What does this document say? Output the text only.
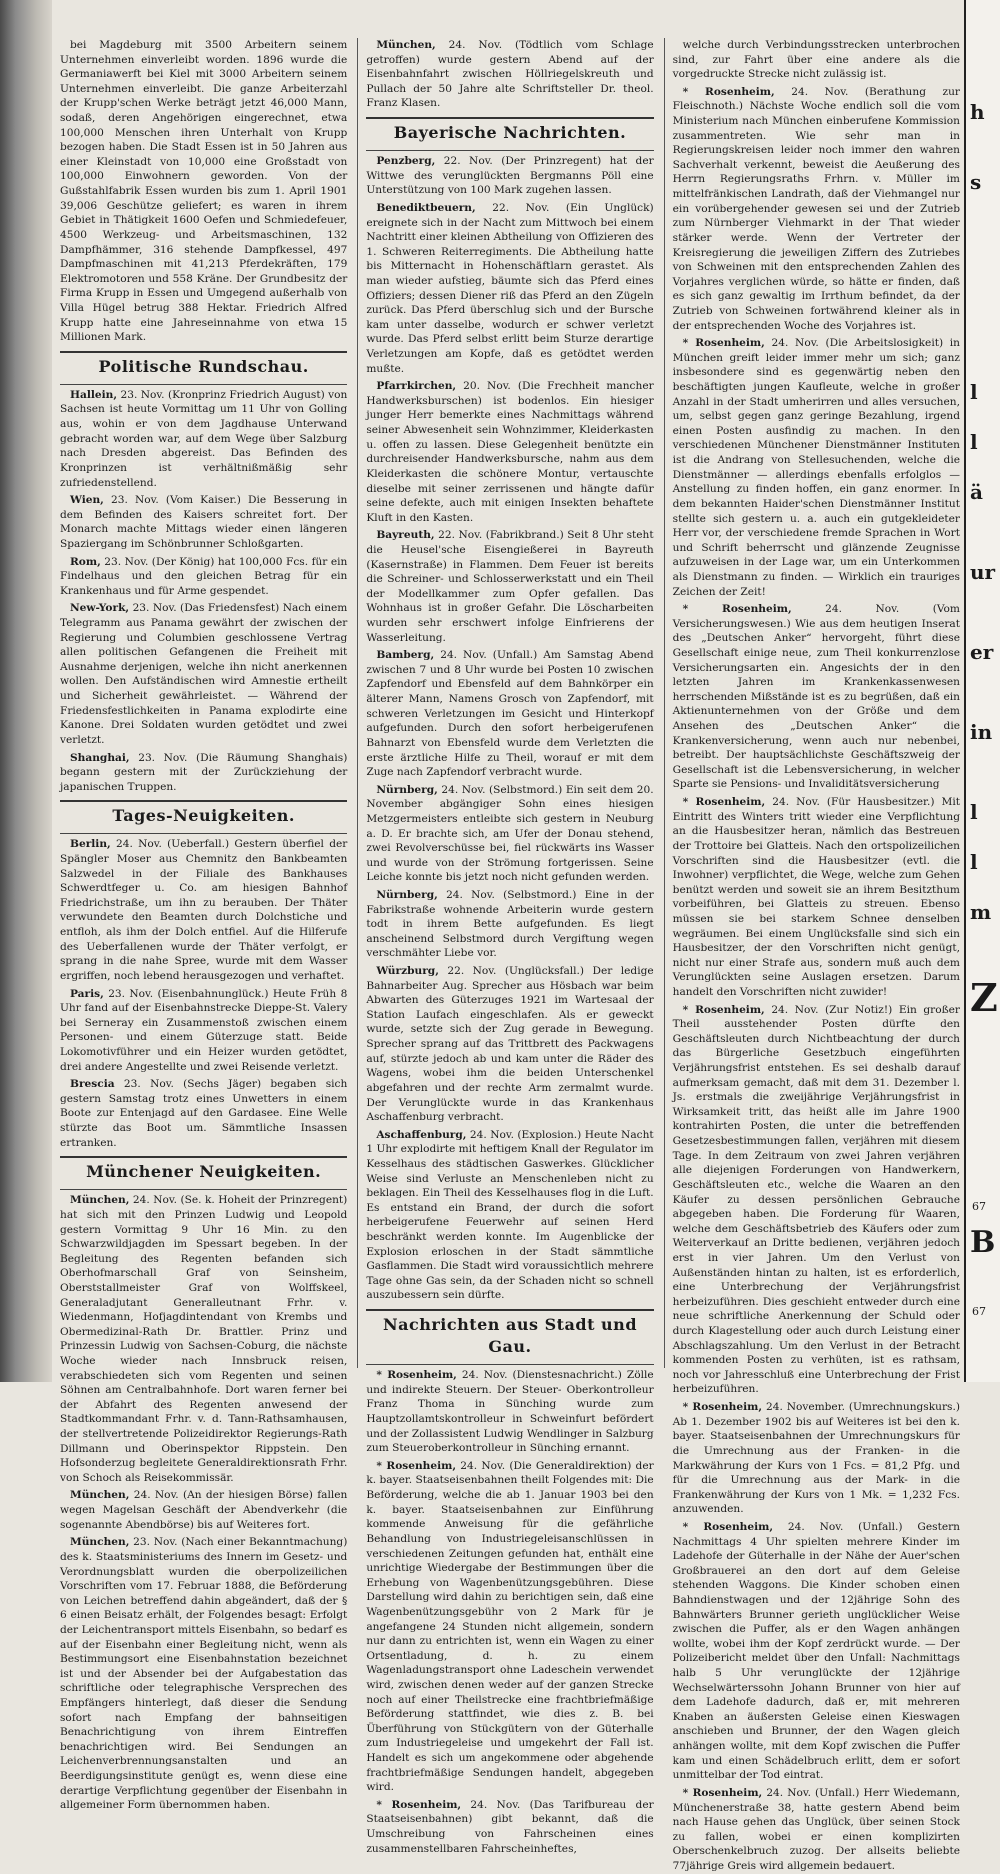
bei Magdeburg mit 3500 Arbeitern seinem Unternehmen einverleibt worden. 1896 wurde die Germaniawerft bei Kiel mit 3000 Arbeitern seinem Unternehmen einverleibt. Die ganze Arbeiterzahl der Krupp'schen Werke beträgt jetzt 46,000 Mann, sodaß, deren Angehörigen eingerechnet, etwa 100,000 Menschen ihren Unterhalt von Krupp bezogen haben. Die Stadt Essen ist in 50 Jahren aus einer Kleinstadt von 10,000 eine Großstadt von 100,000 Einwohnern geworden. Von der Gußstahlfabrik Essen wurden bis zum 1. April 1901 39,006 Geschütze geliefert; es waren in ihrem Gebiet in Thätigkeit 1600 Oefen und Schmiedefeuer, 4500 Werkzeug- und Arbeitsmaschinen, 132 Dampfhämmer, 316 stehende Dampfkessel, 497 Dampfmaschinen mit 41,213 Pferdekräften, 179 Elektromotoren und 558 Kräne. Der Grundbesitz der Firma Krupp in Essen und Umgegend außerhalb von Villa Hügel betrug 388 Hektar. Friedrich Alfred Krupp hatte eine Jahreseinnahme von etwa 15 Millionen Mark.

Politische Rundschau.

Hallein, 23. Nov. (Kronprinz Friedrich August) von Sachsen ist heute Vormittag um 11 Uhr von Golling aus, wohin er von dem Jagdhause Unterwand gebracht worden war, auf dem Wege über Salzburg nach Dresden abgereist. Das Befinden des Kronprinzen ist verhältnißmäßig sehr zufriedenstellend.

Wien, 23. Nov. (Vom Kaiser.) Die Besserung in dem Befinden des Kaisers schreitet fort. Der Monarch machte Mittags wieder einen längeren Spaziergang im Schönbrunner Schloßgarten.

Rom, 23. Nov. (Der König) hat 100,000 Fcs. für ein Findelhaus und den gleichen Betrag für ein Krankenhaus und für Arme gespendet.

New-York, 23. Nov. (Das Friedensfest) Nach einem Telegramm aus Panama gewährt der zwischen der Regierung und Columbien geschlossene Vertrag allen politischen Gefangenen die Freiheit mit Ausnahme derjenigen, welche ihn nicht anerkennen wollen. Den Aufständischen wird Amnestie ertheilt und Sicherheit gewährleistet. — Während der Friedensfestlichkeiten in Panama explodirte eine Kanone. Drei Soldaten wurden getödtet und zwei verletzt.

Shanghai, 23. Nov. (Die Räumung Shanghais) begann gestern mit der Zurückziehung der japanischen Truppen.

Tages-Neuigkeiten.

Berlin, 24. Nov. (Ueberfall.) Gestern überfiel der Spängler Moser aus Chemnitz den Bankbeamten Salzwedel in der Filiale des Bankhauses Schwerdtfeger u. Co. am hiesigen Bahnhof Friedrichstraße, um ihn zu berauben. Der Thäter verwundete den Beamten durch Dolchstiche und entfloh, als ihm der Dolch entfiel. Auf die Hilferufe des Ueberfallenen wurde der Thäter verfolgt, er sprang in die nahe Spree, wurde mit dem Wasser ergriffen, noch lebend herausgezogen und verhaftet.

Paris, 23. Nov. (Eisenbahnunglück.) Heute Früh 8 Uhr fand auf der Eisenbahnstrecke Dieppe-St. Valery bei Serneray ein Zusammenstoß zwischen einem Personen- und einem Güterzuge statt. Beide Lokomotivführer und ein Heizer wurden getödtet, drei andere Angestellte und zwei Reisende verletzt.

Brescia 23. Nov. (Sechs Jäger) begaben sich gestern Samstag trotz eines Unwetters in einem Boote zur Entenjagd auf den Gardasee. Eine Welle stürzte das Boot um. Sämmtliche Insassen ertranken.

Münchener Neuigkeiten.

München, 24. Nov. (Se. k. Hoheit der Prinzregent) hat sich mit den Prinzen Ludwig und Leopold gestern Vormittag 9 Uhr 16 Min. zu den Schwarzwildjagden im Spessart begeben. In der Begleitung des Regenten befanden sich Oberhofmarschall Graf von Seinsheim, Oberststallmeister Graf von Wolffskeel, Generaladjutant Generalleutnant Frhr. v. Wiedenmann, Hofjagdintendant von Krembs und Obermedizinal-Rath Dr. Brattler. Prinz und Prinzessin Ludwig von Sachsen-Coburg, die nächste Woche wieder nach Innsbruck reisen, verabschiedeten sich vom Regenten und seinen Söhnen am Centralbahnhofe. Dort waren ferner bei der Abfahrt des Regenten anwesend der Stadtkommandant Frhr. v. d. Tann-Rathsamhausen, der stellvertretende Polizeidirektor Regierungs-Rath Dillmann und Oberinspektor Rippstein. Den Hofsonderzug begleitete Generaldirektionsrath Frhr. von Schoch als Reisekommissär.

München, 24. Nov. (An der hiesigen Börse) fallen wegen Magelsan Geschäft der Abendverkehr (die sogenannte Abendbörse) bis auf Weiteres fort.

München, 23. Nov. (Nach einer Bekanntmachung) des k. Staatsministeriums des Innern im Gesetz- und Verordnungsblatt wurden die oberpolizeilichen Vorschriften vom 17. Februar 1888, die Beförderung von Leichen betreffend dahin abgeändert, daß der § 6 einen Beisatz erhält, der Folgendes besagt: Erfolgt der Leichentransport mittels Eisenbahn, so bedarf es auf der Eisenbahn einer Begleitung nicht, wenn als Bestimmungsort eine Eisenbahnstation bezeichnet ist und der Absender bei der Aufgabestation das schriftliche oder telegraphische Versprechen des Empfängers hinterlegt, daß dieser die Sendung sofort nach Empfang der bahnseitigen Benachrichtigung von ihrem Eintreffen benachrichtigen wird. Bei Sendungen an Leichenverbrennungsanstalten und an Beerdigungsinstitute genügt es, wenn diese eine derartige Verpflichtung gegenüber der Eisenbahn in allgemeiner Form übernommen haben.

München, 24. Nov. (Tödtlich vom Schlage getroffen) wurde gestern Abend auf der Eisenbahnfahrt zwischen Höllriegelskreuth und Pullach der 50 Jahre alte Schriftsteller Dr. theol. Franz Klasen.

Bayerische Nachrichten.

Penzberg, 22. Nov. (Der Prinzregent) hat der Wittwe des verunglückten Bergmanns Pöll eine Unterstützung von 100 Mark zugehen lassen.

Benediktbeuern, 22. Nov. (Ein Unglück) ereignete sich in der Nacht zum Mittwoch bei einem Nachtritt einer kleinen Abtheilung von Offizieren des 1. Schweren Reiterregiments. Die Abtheilung hatte bis Mitternacht in Hohenschäftlarn gerastet. Als man wieder aufstieg, bäumte sich das Pferd eines Offiziers; dessen Diener riß das Pferd an den Zügeln zurück. Das Pferd überschlug sich und der Bursche kam unter dasselbe, wodurch er schwer verletzt wurde. Das Pferd selbst erlitt beim Sturze derartige Verletzungen am Kopfe, daß es getödtet werden mußte.

Pfarrkirchen, 20. Nov. (Die Frechheit mancher Handwerksburschen) ist bodenlos. Ein hiesiger junger Herr bemerkte eines Nachmittags während seiner Abwesenheit sein Wohnzimmer, Kleiderkasten u. offen zu lassen. Diese Gelegenheit benützte ein durchreisender Handwerksbursche, nahm aus dem Kleiderkasten die schönere Montur, vertauschte dieselbe mit seiner zerrissenen und hängte dafür seine defekte, auch mit einigen Insekten behaftete Kluft in den Kasten.

Bayreuth, 22. Nov. (Fabrikbrand.) Seit 8 Uhr steht die Heusel'sche Eisengießerei in Bayreuth (Kasernstraße) in Flammen. Dem Feuer ist bereits die Schreiner- und Schlosserwerkstatt und ein Theil der Modellkammer zum Opfer gefallen. Das Wohnhaus ist in großer Gefahr. Die Löscharbeiten wurden sehr erschwert infolge Einfrierens der Wasserleitung.

Bamberg, 24. Nov. (Unfall.) Am Samstag Abend zwischen 7 und 8 Uhr wurde bei Posten 10 zwischen Zapfendorf und Ebensfeld auf dem Bahnkörper ein älterer Mann, Namens Grosch von Zapfendorf, mit schweren Verletzungen im Gesicht und Hinterkopf aufgefunden. Durch den sofort herbeigerufenen Bahnarzt von Ebensfeld wurde dem Verletzten die erste ärztliche Hilfe zu Theil, worauf er mit dem Zuge nach Zapfendorf verbracht wurde.

Nürnberg, 24. Nov. (Selbstmord.) Ein seit dem 20. November abgängiger Sohn eines hiesigen Metzgermeisters entleibte sich gestern in Neuburg a. D. Er brachte sich, am Ufer der Donau stehend, zwei Revolverschüsse bei, fiel rückwärts ins Wasser und wurde von der Strömung fortgerissen. Seine Leiche konnte bis jetzt noch nicht gefunden werden.

Nürnberg, 24. Nov. (Selbstmord.) Eine in der Fabrikstraße wohnende Arbeiterin wurde gestern todt in ihrem Bette aufgefunden. Es liegt anscheinend Selbstmord durch Vergiftung wegen verschmähter Liebe vor.

Würzburg, 22. Nov. (Unglücksfall.) Der ledige Bahnarbeiter Aug. Sprecher aus Hösbach war beim Abwarten des Güterzuges 1921 im Wartesaal der Station Laufach eingeschlafen. Als er geweckt wurde, setzte sich der Zug gerade in Bewegung. Sprecher sprang auf das Trittbrett des Packwagens auf, stürzte jedoch ab und kam unter die Räder des Wagens, wobei ihm die beiden Unterschenkel abgefahren und der rechte Arm zermalmt wurde. Der Verunglückte wurde in das Krankenhaus Aschaffenburg verbracht.

Aschaffenburg, 24. Nov. (Explosion.) Heute Nacht 1 Uhr explodirte mit heftigem Knall der Regulator im Kesselhaus des städtischen Gaswerkes. Glücklicher Weise sind Verluste an Menschenleben nicht zu beklagen. Ein Theil des Kesselhauses flog in die Luft. Es entstand ein Brand, der durch die sofort herbeigerufene Feuerwehr auf seinen Herd beschränkt werden konnte. Im Augenblicke der Explosion erloschen in der Stadt sämmtliche Gasflammen. Die Stadt wird voraussichtlich mehrere Tage ohne Gas sein, da der Schaden nicht so schnell auszubessern sein dürfte.

Nachrichten aus Stadt und Gau.

* Rosenheim, 24. Nov. (Dienstesnachricht.) Zölle und indirekte Steuern. Der Steuer- Oberkontrolleur Franz Thoma in Sünching wurde zum Hauptzollamtskontrolleur in Schweinfurt befördert und der Zollassistent Ludwig Wendlinger in Salzburg zum Steueroberkontrolleur in Sünching ernannt.

* Rosenheim, 24. Nov. (Die Generaldirektion) der k. bayer. Staatseisenbahnen theilt Folgendes mit: Die Beförderung, welche die ab 1. Januar 1903 bei den k. bayer. Staatseisenbahnen zur Einführung kommende Anweisung für die gefährliche Behandlung von Industriegeleisanschlüssen in verschiedenen Zeitungen gefunden hat, enthält eine unrichtige Wiedergabe der Bestimmungen über die Erhebung von Wagenbenützungsgebühren. Diese Darstellung wird dahin zu berichtigen sein, daß eine Wagenbenützungsgebühr von 2 Mark für je angefangene 24 Stunden nicht allgemein, sondern nur dann zu entrichten ist, wenn ein Wagen zu einer Ortsentladung, d. h. zu einem Wagenladungstransport ohne Ladeschein verwendet wird, zwischen denen weder auf der ganzen Strecke noch auf einer Theilstrecke eine frachtbriefmäßige Beförderung stattfindet, wie dies z. B. bei Überführung von Stückgütern von der Güterhalle zum Industriegeleise und umgekehrt der Fall ist. Handelt es sich um angekommene oder abgehende frachtbriefmäßige Sendungen handelt, abgegeben wird.

* Rosenheim, 24. Nov. (Das Tarifbureau der Staatseisenbahnen) gibt bekannt, daß die Umschreibung von Fahrscheinen eines zusammenstellbaren Fahrscheinheftes,

welche durch Verbindungsstrecken unterbrochen sind, zur Fahrt über eine andere als die vorgedruckte Strecke nicht zulässig ist.

* Rosenheim, 24. Nov. (Berathung zur Fleischnoth.) Nächste Woche endlich soll die vom Ministerium nach München einberufene Kommission zusammentreten. Wie sehr man in Regierungskreisen leider noch immer den wahren Sachverhalt verkennt, beweist die Aeußerung des Herrn Regierungsraths Frhrn. v. Müller im mittelfränkischen Landrath, daß der Viehmangel nur ein vorübergehender gewesen sei und der Zutrieb zum Nürnberger Viehmarkt in der That wieder stärker werde. Wenn der Vertreter der Kreisregierung die jeweiligen Ziffern des Zutriebes von Schweinen mit den entsprechenden Zahlen des Vorjahres verglichen würde, so hätte er finden, daß es sich ganz gewaltig im Irrthum befindet, da der Zutrieb von Schweinen fortwährend kleiner als in der entsprechenden Woche des Vorjahres ist.

* Rosenheim, 24. Nov. (Die Arbeitslosigkeit) in München greift leider immer mehr um sich; ganz insbesondere sind es gegenwärtig neben den beschäftigten jungen Kaufleute, welche in großer Anzahl in der Stadt umherirren und alles versuchen, um, selbst gegen ganz geringe Bezahlung, irgend einen Posten ausfindig zu machen. In den verschiedenen Münchener Dienstmänner Instituten ist die Andrang von Stellesuchenden, welche die Dienstmänner — allerdings ebenfalls erfolglos — Anstellung zu finden hoffen, ein ganz enormer. In dem bekannten Haider'schen Dienstmänner Institut stellte sich gestern u. a. auch ein gutgekleideter Herr vor, der verschiedene fremde Sprachen in Wort und Schrift beherrscht und glänzende Zeugnisse aufzuweisen in der Lage war, um ein Unterkommen als Dienstmann zu finden. — Wirklich ein trauriges Zeichen der Zeit!

* Rosenheim,	24. Nov. (Vom Versicherungswesen.) Wie aus dem heutigen Inserat des „Deutschen Anker“ hervorgeht, führt diese Gesellschaft einige neue, zum Theil konkurrenzlose Versicherungsarten ein. Angesichts der in den letzten Jahren im Krankenkassenwesen herrschenden Mißstände ist es zu begrüßen, daß ein Aktienunternehmen von der Größe und dem Ansehen des „Deutschen Anker“ die Krankenversicherung, wenn auch nur nebenbei, betreibt. Der hauptsächlichste Geschäftszweig der Gesellschaft ist die Lebensversicherung, in welcher Sparte sie Pensions- und Invaliditätsversicherung

* Rosenheim, 24. Nov. (Für Hausbesitzer.) Mit Eintritt des Winters tritt wieder eine Verpflichtung an die Hausbesitzer heran, nämlich das Bestreuen der Trottoire bei Glatteis. Nach den ortspolizeilichen Vorschriften sind die Hausbesitzer (evtl. die Inwohner) verpflichtet, die Wege, welche zum Gehen benützt werden und soweit sie an ihrem Besitzthum vorbeiführen, bei Glatteis zu streuen. Ebenso müssen sie bei starkem Schnee denselben wegräumen. Bei einem Unglücksfalle sind sich ein Hausbesitzer, der den Vorschriften nicht genügt, nicht nur einer Strafe aus, sondern muß auch dem Verunglückten seine Auslagen ersetzen. Darum handelt den Vorschriften nicht zuwider!

* Rosenheim, 24. Nov. (Zur Notiz!) Ein großer Theil ausstehender Posten dürfte den Geschäftsleuten durch Nichtbeachtung der durch das Bürgerliche Gesetzbuch eingeführten Verjährungsfrist entstehen. Es sei deshalb darauf aufmerksam gemacht, daß mit dem 31. Dezember l. Js. erstmals die zweijährige Verjährungsfrist in Wirksamkeit tritt, das heißt alle im Jahre 1900 kontrahirten Posten, die unter die betreffenden Gesetzesbestimmungen fallen, verjähren mit diesem Tage. In dem Zeitraum von zwei Jahren verjähren alle diejenigen Forderungen von Handwerkern, Geschäftsleuten etc., welche die Waaren an den Käufer zu dessen persönlichen Gebrauche abgegeben haben. Die Forderung für Waaren, welche dem Geschäftsbetrieb des Käufers oder zum Weiterverkauf an Dritte bedienen, verjähren jedoch erst in vier Jahren. Um den Verlust von Außenständen hintan zu halten, ist es erforderlich, eine Unterbrechung der Verjährungsfrist herbeizuführen. Dies geschieht entweder durch eine neue schriftliche Anerkennung der Schuld oder durch Klagestellung oder auch durch Leistung einer Abschlagszahlung. Um den Verlust in der Betracht kommenden Posten zu verhüten, ist es rathsam, noch vor Jahresschluß eine Unterbrechung der Frist herbeizuführen.

* Rosenheim, 24. November. (Umrechnungskurs.) Ab 1. Dezember 1902 bis auf Weiteres ist bei den k. bayer. Staatseisenbahnen der Umrechnungskurs für die Umrechnung aus der Franken- in die Markwährung der Kurs von 1 Fcs. = 81,2 Pfg. und für die Umrechnung aus der Mark- in die Frankenwährung der Kurs von 1 Mk. = 1,232 Fcs. anzuwenden.

* Rosenheim, 24. Nov. (Unfall.) Gestern Nachmittags 4 Uhr spielten mehrere Kinder im Ladehofe der Güterhalle in der Nähe der Auer'schen Großbrauerei an den dort auf dem Geleise stehenden Waggons. Die Kinder schoben einen Bahndienstwagen und der 12jährige Sohn des Bahnwärters Brunner gerieth unglücklicher Weise zwischen die Puffer, als er den Wagen anhängen wollte, wobei ihm der Kopf zerdrückt wurde. — Der Polizeibericht meldet über den Unfall: Nachmittags halb 5 Uhr verunglückte der 12jährige Wechselwärterssohn Johann Brunner von hier auf dem Ladehofe dadurch, daß er, mit mehreren Knaben an äußersten Geleise einen Kieswagen anschieben und Brunner, der den Wagen gleich anhängen wollte, mit dem Kopf zwischen die Puffer kam und einen Schädelbruch erlitt, dem er sofort unmittelbar der Tod eintrat.

* Rosenheim, 24. Nov. (Unfall.) Herr Wiedemann, Münchenerstraße 38, hatte gestern Abend beim nach Hause gehen das Unglück, über seinen Stock zu fallen, wobei er einen komplizirten Oberschenkelbruch zuzog. Der allseits beliebte 77jährige Greis wird allgemein bedauert.

h
s
l
l
ä
ur
er
in
l
l
m
Z
B
67
67
